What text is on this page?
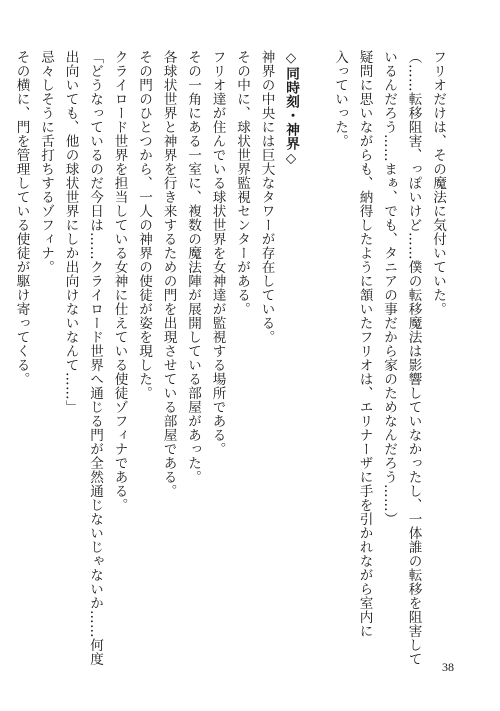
フリオだけは、その魔法に気付いていた。
（……転移阻害、っぽいけど……僕の転移魔法は影響していなかったし、一体誰の転移を阻害して
いるんだろう……まぁ、でも、タニアの事だから家のためなんだろう……）
疑問に思いながらも、納得したように頷いたフリオは、エリナーザに手を引かれながら室内に
入っていった。
◇同時刻・神界◇
神界の中央には巨大なタワーが存在している。
その中に、球状世界監視センターがある。
フリオ達が住んでいる球状世界を女神達が監視する場所である。
その一角にある一室に、複数の魔法陣が展開している部屋があった。
各球状世界と神界を行き来するための門を出現させている部屋である。
その門のひとつから、一人の神界の使徒が姿を現した。
クライロード世界を担当している女神に仕えている使徒ゾフィナである。
「どうなっているのだ今日は……クライロード世界へ通じる門が全然通じないじゃないか……何度
出向いても、他の球状世界にしか出向けないなんて……」
忌々しそうに舌打ちするゾフィナ。
その横に、門を管理している使徒が駆け寄ってくる。
38
